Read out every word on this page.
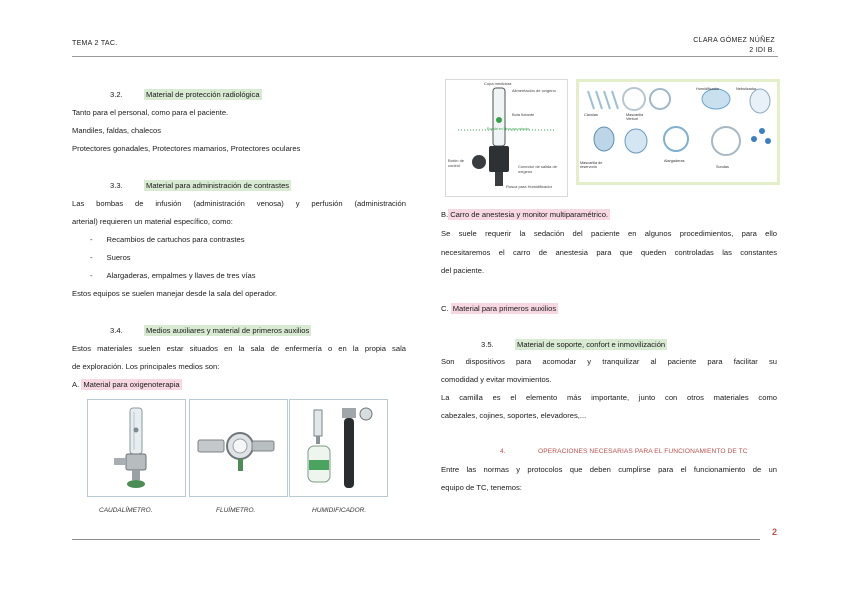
TEMA 2 TAC.	CLARA GÓMEZ NÚÑEZ
2 IDI B.
3.2.	Material de protección radiológica
Tanto para el personal, como para el paciente.
Mandiles, faldas, chalecos
Protectores gonadales, Protectores mamarios, Protectores oculares
3.3.	Material para administración de contrastes
Las bombas de infusión (administración venosa) y perfusión (administración
arterial) requieren un material específico, como:
- Recambios de cartuchos para contrastes
- Sueros
- Alargaderas, empalmes y llaves de tres vías
Estos equipos se suelen manejar desde la sala del operador.
3.4.	Medios auxiliares y material de primeros auxilios
Estos materiales suelen estar situados en la sala de enfermería o en la propia sala
de exploración. Los principales medios son:
A. Material para oxigenoterapia
CAUDALÍMETRO.	FLUÍMETRO.	HUMIDIFICADOR.
Copa medidora
Alimentación de oxígeno
Bola flotante
Escala en litros por minuto
Botón de control	Conector de salida de oxígeno
Rosca para Humidificador
Cánulas	Mascarilla Venturi
Mascarilla de reservorio
Humidificador
Alargaderas
Sondas
Nebulizador
B. Carro de anestesia y monitor multiparamétrico.
Se suele requerir la sedación del paciente en algunos procedimientos, para ello
necesitaremos el carro de anestesia para que queden controladas las constantes
del paciente.
C. Material para primeros auxilios
3.5.	Material de soporte, confort e inmovilización
Son dispositivos para acomodar y tranquilizar al paciente para facilitar su
comodidad y evitar movimientos.
La camilla es el elemento más importante, junto con otros materiales como
cabezales, cojines, soportes, elevadores,...
4.	OPERACIONES NECESARIAS PARA EL FUNCIONAMIENTO DE TC
Entre las normas y protocolos que deben cumplirse para el funcionamiento de un
equipo de TC, tenemos:
2
